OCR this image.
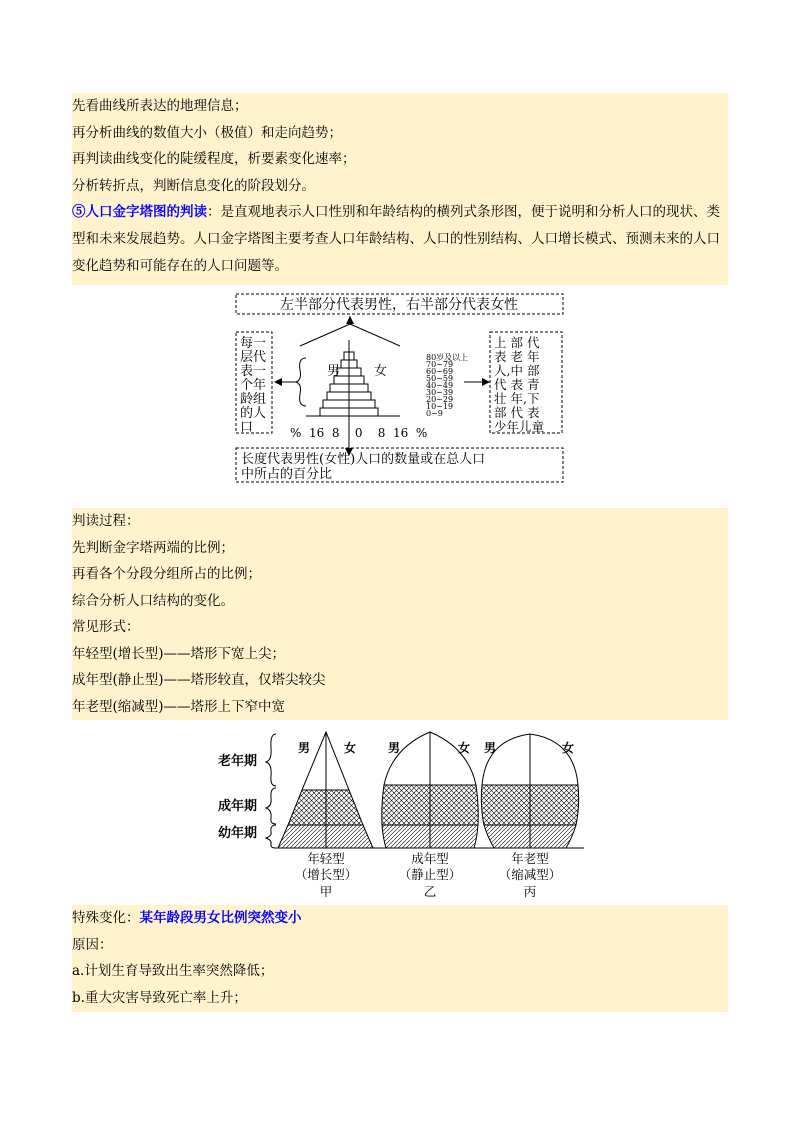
先看曲线所表达的地理信息；
再分析曲线的数值大小（极值）和走向趋势；
再判读曲线变化的陡缓程度，析要素变化速率；
分析转折点，判断信息变化的阶段划分。
⑤人口金字塔图的判读：是直观地表示人口性别和年龄结构的横列式条形图，便于说明和分析人口的现状、类型和未来发展趋势。人口金字塔图主要考查人口年龄结构、人口的性别结构、人口增长模式、预测未来的人口变化趋势和可能存在的人口问题等。
左半部分代表男性，右半部分代表女性
每一
层代
表一
个年
龄组
的人
口
男	女
80岁及以上
70~79
60~69
50~59
40~49
30~39
20~29
10~19
0~9
上 部 代
表 老 年
人,中 部
代 表 青
壮 年,下
部 代 表
少年儿童
%  16  8    0    8  16  %
长度代表男性(女性)人口的数量或在总人口
中所占的百分比
判读过程：
先判断金字塔两端的比例；
再看各个分段分组所占的比例；
综合分析人口结构的变化。
常见形式：
年轻型(增长型)——塔形下宽上尖；
成年型(静止型)——塔形较直，仅塔尖较尖
年老型(缩减型)——塔形上下窄中宽
老年期
成年期
幼年期
男	女	男	女 男	女
年轻型
（增长型）
甲
成年型
（静止型）
乙
年老型
（缩减型）
丙
特殊变化：某年龄段男女比例突然变小
原因：
a.计划生育导致出生率突然降低；
b.重大灾害导致死亡率上升；
